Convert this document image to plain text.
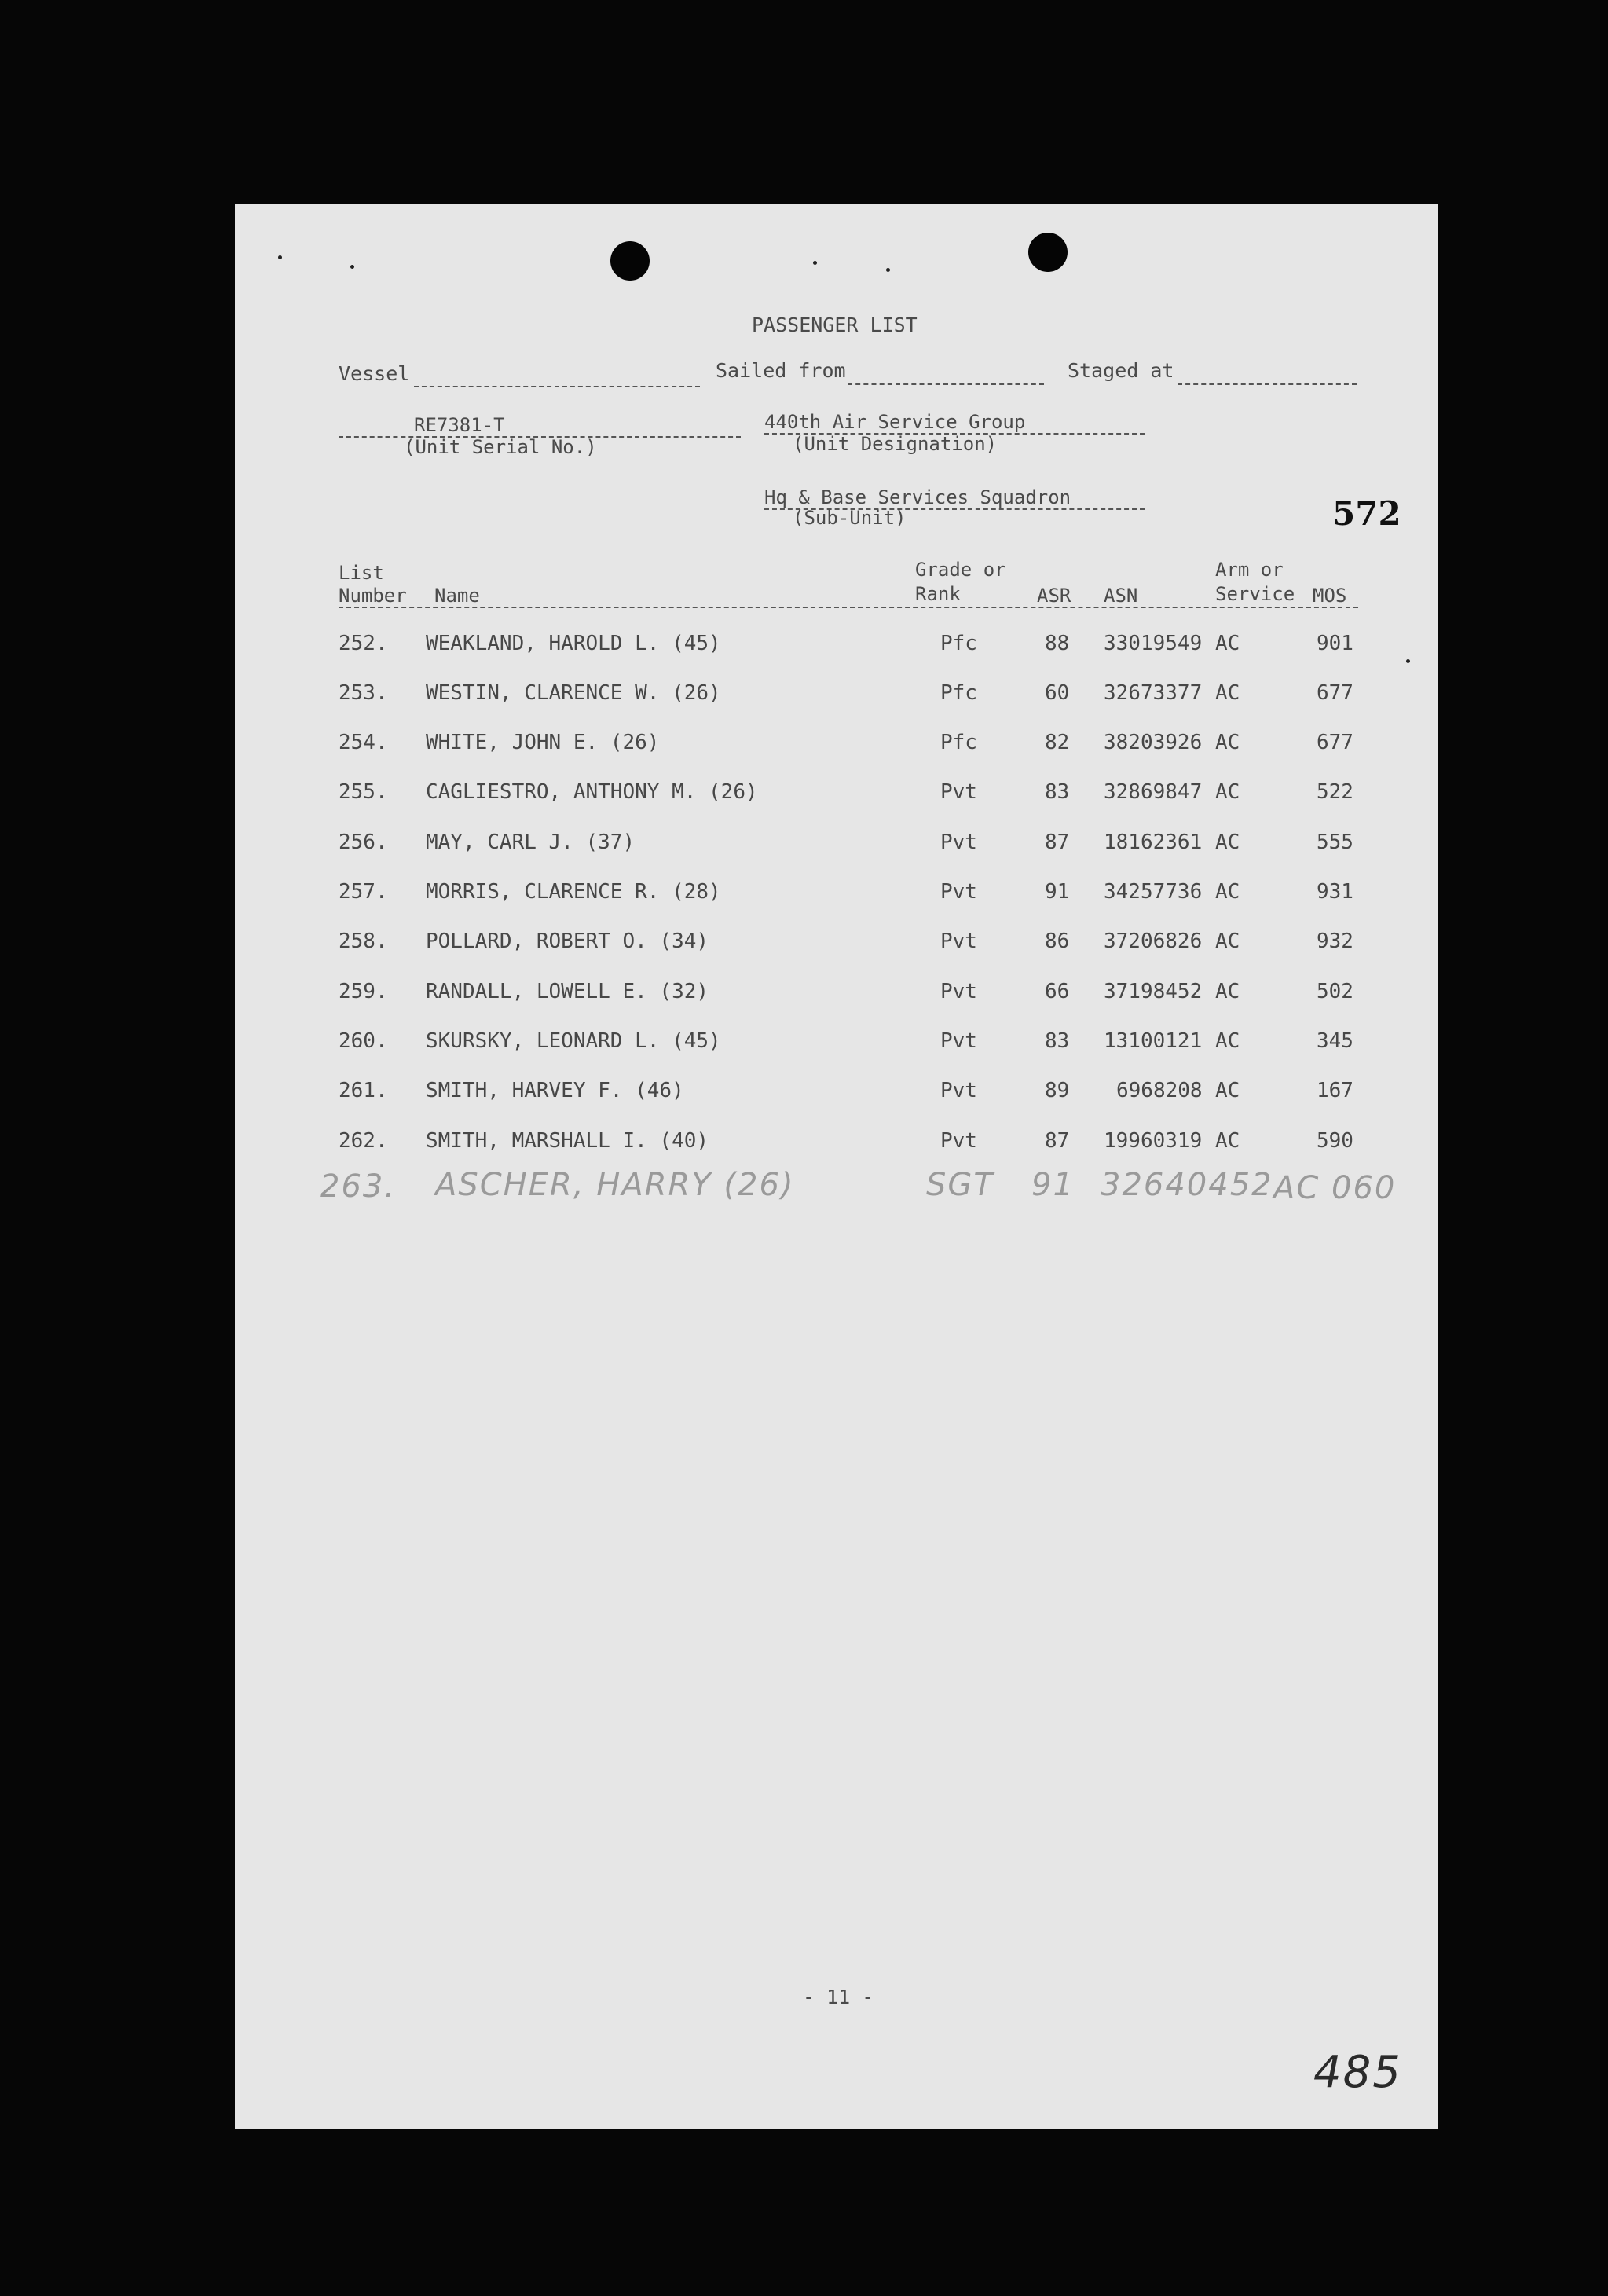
PASSENGER LIST
Vessel	Sailed from	Staged at
RE7381-T
(Unit Serial No.)
440th Air Service Group
(Unit Designation)
Hq & Base Services Squadron
(Sub-Unit)	572
List
Number Name
Grade or
Rank	ASR ASN
Arm or
Service MOS
252. WEAKLAND, HAROLD L. (45)	Pfc	88 33019549 AC	901
253. WESTIN, CLARENCE W. (26)	Pfc	60 32673377 AC	677
254. WHITE, JOHN E. (26)	Pfc	82 38203926 AC	677
255. CAGLIESTRO, ANTHONY M. (26)	Pvt	83 32869847 AC	522
256. MAY, CARL J. (37)	Pvt	87 18162361 AC	555
257. MORRIS, CLARENCE R. (28)	Pvt	91 34257736 AC	931
258. POLLARD, ROBERT O. (34)	Pvt	86 37206826 AC	932
259. RANDALL, LOWELL E. (32)	Pvt	66 37198452 AC	502
260. SKURSKY, LEONARD L. (45)	Pvt	83 13100121 AC	345
261. SMITH, HARVEY F. (46)	Pvt	89 6968208 AC	167
262. SMITH, MARSHALL I. (40)	Pvt	87 19960319 AC	590
263. ASCHER, HARRY (26)	SGT 91 32640452 AC 060
- 11 -
485
